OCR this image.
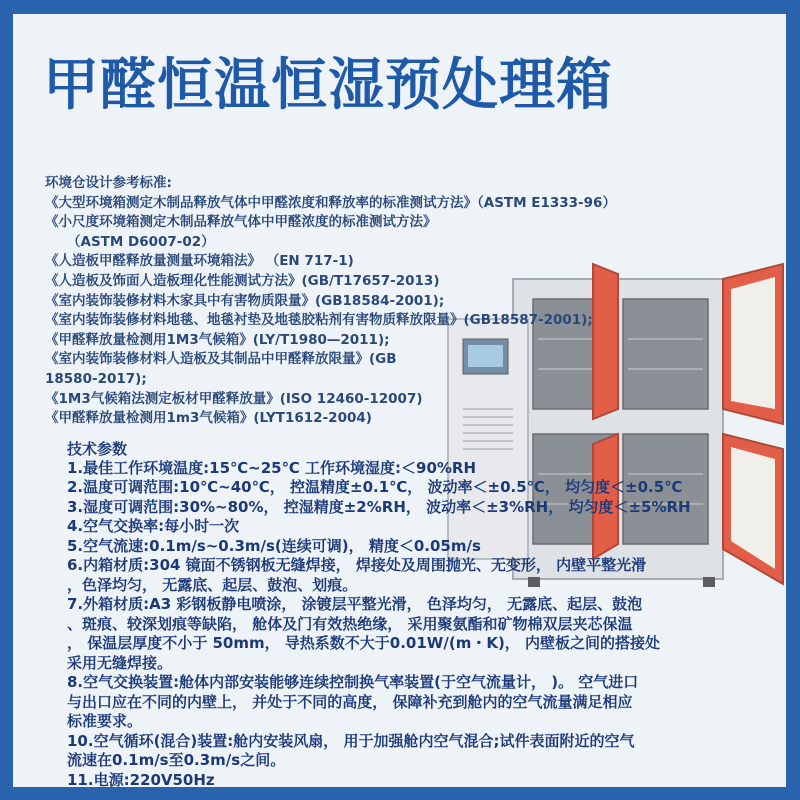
甲醛恒温恒湿预处理箱
环境仓设计参考标准:
《大型环境箱测定木制品释放气体中甲醛浓度和释放率的标准测试方法》（ASTM E1333-96）
《小尺度环境箱测定木制品释放气体中甲醛浓度的标准测试方法》
（ASTM D6007-02）
《人造板甲醛释放量测量环境箱法》 （EN 717-1)
《人造板及饰面人造板理化性能测试方法》(GB/T17657-2013)
《室内装饰装修材料木家具中有害物质限量》(GB18584-2001);
《室内装饰装修材料地毯、地毯衬垫及地毯胶粘剂有害物质释放限量》(GB18587-2001);
《甲醛释放量检测用1M3气候箱》(LY/T1980—2011);
《室内装饰装修材料人造板及其制品中甲醛释放限量》(GB
18580-2017);
《1M3气候箱法测定板材甲醛释放量》(ISO 12460-12007)
《甲醛释放量检测用1m3气候箱》(LYT1612-2004)
技术参数
1.最佳工作环境温度:15℃~25℃ 工作环境湿度:＜90%RH
2.温度可调范围:10℃~40℃， 控温精度±0.1℃， 波动率＜±0.5℃， 均匀度＜±0.5℃
3.湿度可调范围:30%~80%， 控湿精度±2%RH， 波动率＜±3%RH， 均匀度＜±5%RH
4.空气交换率:每小时一次
5.空气流速:0.1m/s~0.3m/s(连续可调)， 精度＜0.05m/s
6.内箱材质:304 镜面不锈钢板无缝焊接， 焊接处及周围抛光、无变形， 内壁平整光滑
，色泽均匀， 无露底、起层、鼓泡、划痕。
7.外箱材质:A3 彩钢板静电喷涂， 涂镀层平整光滑， 色泽均匀， 无露底、起层、鼓泡
、斑痕、较深划痕等缺陷， 舱体及门有效热绝缘， 采用聚氨酯和矿物棉双层夹芯保温
， 保温层厚度不小于 50mm， 导热系数不大于0.01W/(m・K)， 内壁板之间的搭接处
采用无缝焊接。
8.空气交换装置:舱体内部安装能够连续控制换气率装置(于空气流量计， )。 空气进口
与出口应在不同的内壁上， 并处于不同的高度， 保障补充到舱内的空气流量满足相应
标准要求。
10.空气循环(混合)装置:舱内安装风扇， 用于加强舱内空气混合;试件表面附近的空气
流速在0.1m/s至0.3m/s之间。
11.电源:220V50Hz
